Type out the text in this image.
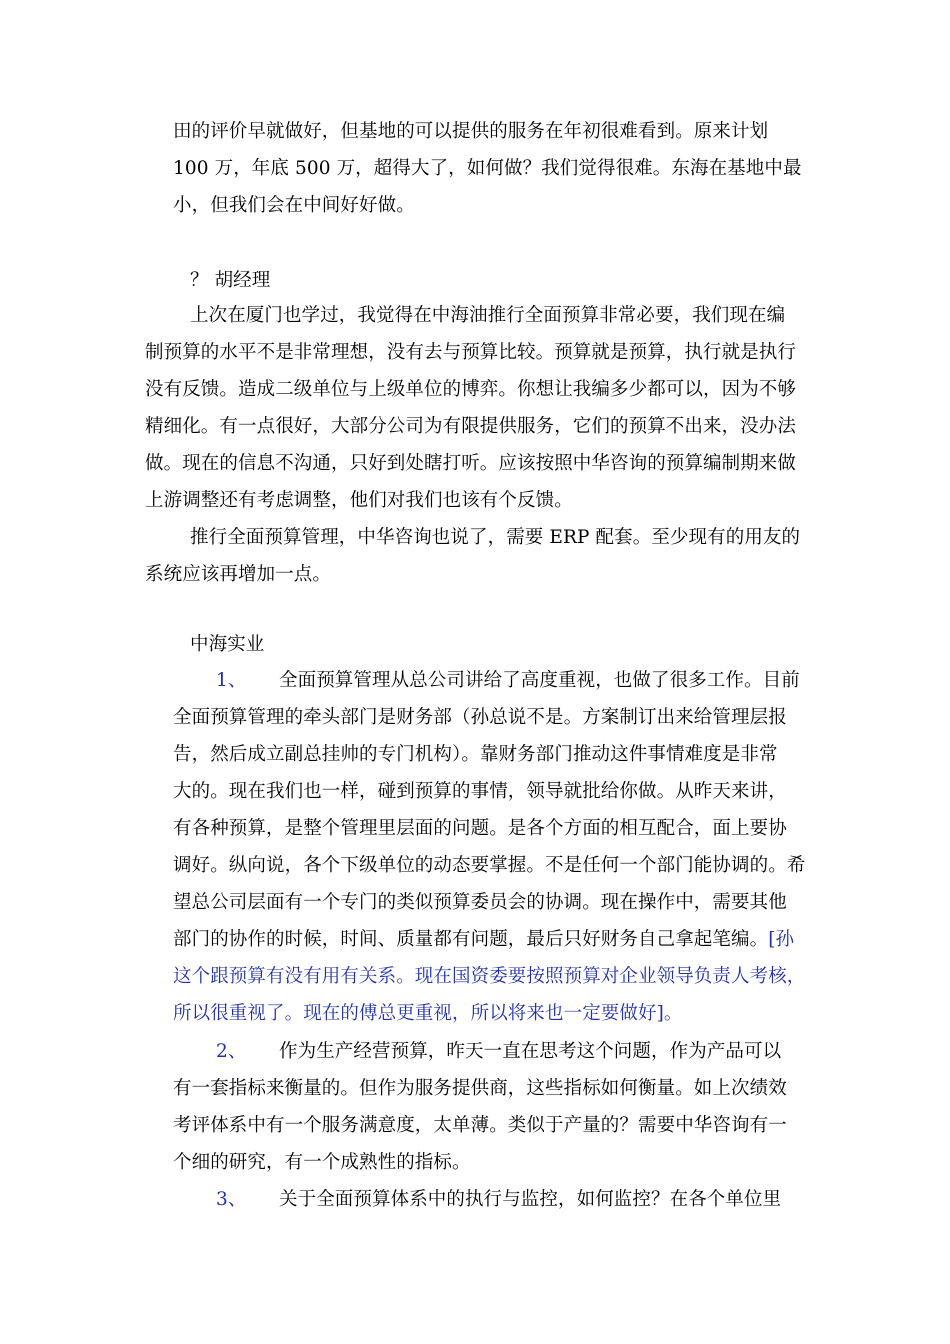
田的评价早就做好，但基地的可以提供的服务在年初很难看到。原来计划
100 万，年底 500 万，超得大了，如何做？我们觉得很难。东海在基地中最
小，但我们会在中间好好做。
？ 胡经理
上次在厦门也学过，我觉得在中海油推行全面预算非常必要，我们现在编
制预算的水平不是非常理想，没有去与预算比较。预算就是预算，执行就是执行
没有反馈。造成二级单位与上级单位的博弈。你想让我编多少都可以，因为不够
精细化。有一点很好，大部分公司为有限提供服务，它们的预算不出来，没办法
做。现在的信息不沟通，只好到处瞎打听。应该按照中华咨询的预算编制期来做
上游调整还有考虑调整，他们对我们也该有个反馈。
推行全面预算管理，中华咨询也说了，需要 ERP 配套。至少现有的用友的
系统应该再增加一点。
中海实业
1、 全面预算管理从总公司讲给了高度重视，也做了很多工作。目前
全面预算管理的牵头部门是财务部（孙总说不是。方案制订出来给管理层报
告，然后成立副总挂帅的专门机构）。靠财务部门推动这件事情难度是非常
大的。现在我们也一样，碰到预算的事情，领导就批给你做。从昨天来讲，
有各种预算，是整个管理里层面的问题。是各个方面的相互配合，面上要协
调好。纵向说，各个下级单位的动态要掌握。不是任何一个部门能协调的。希
望总公司层面有一个专门的类似预算委员会的协调。现在操作中，需要其他
部门的协作的时候，时间、质量都有问题，最后只好财务自己拿起笔编。[孙
这个跟预算有没有用有关系。现在国资委要按照预算对企业领导负责人考核，
所以很重视了。现在的傅总更重视，所以将来也一定要做好]。
2、 作为生产经营预算，昨天一直在思考这个问题，作为产品可以
有一套指标来衡量的。但作为服务提供商，这些指标如何衡量。如上次绩效
考评体系中有一个服务满意度，太单薄。类似于产量的？需要中华咨询有一
个细的研究，有一个成熟性的指标。
3、 关于全面预算体系中的执行与监控，如何监控？在各个单位里
